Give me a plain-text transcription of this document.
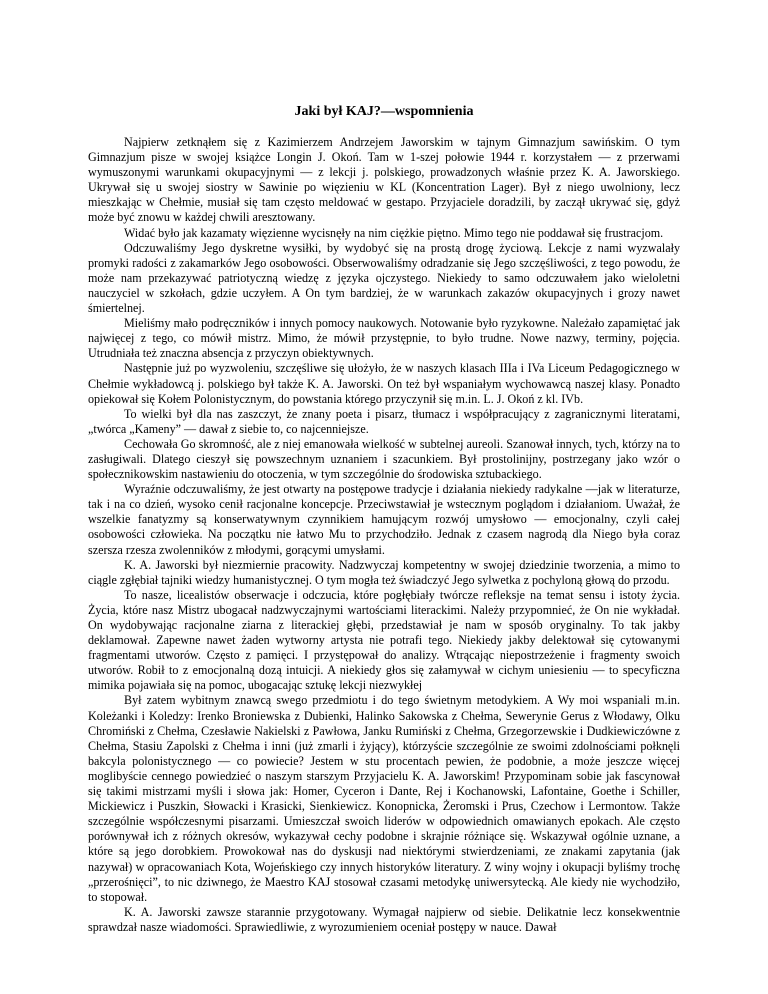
Jaki był KAJ?—wspomnienia

Najpierw zetknąłem się z Kazimierzem Andrzejem Jaworskim w tajnym Gimnazjum sawińskim. O tym Gimnazjum pisze w swojej książce Longin J. Okoń. Tam w 1-szej połowie 1944 r. korzystałem — z przerwami wymuszonymi warunkami okupacyjnymi — z lekcji j. polskiego, prowadzonych właśnie przez K. A. Jaworskiego. Ukrywał się u swojej siostry w Sawinie po więzieniu w KL (Koncentration Lager). Był z niego uwolniony, lecz mieszkając w Chełmie, musiał się tam często meldować w gestapo. Przyjaciele doradzili, by zaczął ukrywać się, gdyż może być znowu w każdej chwili aresztowany.

Widać było jak kazamaty więzienne wycisnęły na nim ciężkie piętno. Mimo tego nie poddawał się frustracjom.

Odczuwaliśmy Jego dyskretne wysiłki, by wydobyć się na prostą drogę życiową. Lekcje z nami wyzwalały promyki radości z zakamarków Jego osobowości. Obserwowaliśmy odradzanie się Jego szczęśliwości, z tego powodu, że może nam przekazywać patriotyczną wiedzę z języka ojczystego. Niekiedy to samo odczuwałem jako wieloletni nauczyciel w szkołach, gdzie uczyłem. A On tym bardziej, że w warunkach zakazów okupacyjnych i grozy nawet śmiertelnej.

Mieliśmy mało podręczników i innych pomocy naukowych. Notowanie było ryzykowne. Należało zapamiętać jak najwięcej z tego, co mówił mistrz. Mimo, że mówił przystępnie, to było trudne. Nowe nazwy, terminy, pojęcia. Utrudniała też znaczna absencja z przyczyn obiektywnych.

Następnie już po wyzwoleniu, szczęśliwe się ułożyło, że w naszych klasach IIIa i IVa Liceum Pedagogicznego w Chełmie wykładowcą j. polskiego był także K. A. Jaworski. On też był wspaniałym wychowawcą naszej klasy. Ponadto opiekował się Kołem Polonistycznym, do powstania którego przyczynił się m.in. L. J. Okoń z kl. IVb.

To wielki był dla nas zaszczyt, że znany poeta i pisarz, tłumacz i współpracujący z zagranicznymi literatami, „twórca „Kameny” — dawał z siebie to, co najcenniejsze.

Cechowała Go skromność, ale z niej emanowała wielkość w subtelnej aureoli. Szanował innych, tych, którzy na to zasługiwali. Dlatego cieszył się powszechnym uznaniem i szacunkiem. Był prostolinijny, postrzegany jako wzór o społecznikowskim nastawieniu do otoczenia, w tym szczególnie do środowiska sztubackiego.

Wyraźnie odczuwaliśmy, że jest otwarty na postępowe tradycje i działania niekiedy radykalne —jak w literaturze, tak i na co dzień, wysoko cenił racjonalne koncepcje. Przeciwstawiał je wstecznym poglądom i działaniom. Uważał, że wszelkie fanatyzmy są konserwatywnym czynnikiem hamującym rozwój umysłowo — emocjonalny, czyli całej osobowości człowieka. Na początku nie łatwo Mu to przychodziło. Jednak z czasem nagrodą dla Niego była coraz szersza rzesza zwolenników z młodymi, gorącymi umysłami.

K. A. Jaworski był niezmiernie pracowity. Nadzwyczaj kompetentny w swojej dziedzinie tworzenia, a mimo to ciągle zgłębiał tajniki wiedzy humanistycznej. O tym mogła też świadczyć Jego sylwetka z pochyloną głową do przodu.

To nasze, licealistów obserwacje i odczucia, które pogłębiały twórcze refleksje na temat sensu i istoty życia. Życia, które nasz Mistrz ubogacał nadzwyczajnymi wartościami literackimi. Należy przypomnieć, że On nie wykładał. On wydobywając racjonalne ziarna z literackiej głębi, przedstawiał je nam w sposób oryginalny. To tak jakby deklamował. Zapewne nawet żaden wytworny artysta nie potrafi tego. Niekiedy jakby delektował się cytowanymi fragmentami utworów. Często z pamięci. I przystępował do analizy. Wtrącając niepostrzeżenie i fragmenty swoich utworów. Robił to z emocjonalną dozą intuicji. A niekiedy głos się załamywał w cichym uniesieniu — to specyficzna mimika pojawiała się na pomoc, ubogacając sztukę lekcji niezwykłej

Był zatem wybitnym znawcą swego przedmiotu i do tego świetnym metodykiem. A Wy moi wspaniali m.in. Koleżanki i Koledzy: Irenko Broniewska z Dubienki, Halinko Sakowska z Chełma, Sewerynie Gerus z Włodawy, Olku Chromiński z Chełma, Czesławie Nakielski z Pawłowa, Janku Rumiński z Chełma, Grzegorzewskie i Dudkiewiczówne z Chełma, Stasiu Zapolski z Chełma i inni (już zmarli i żyjący), którzyście szczególnie ze swoimi zdolnościami połknęli bakcyla polonistycznego — co powiecie? Jestem w stu procentach pewien, że podobnie, a może jeszcze więcej moglibyście cennego powiedzieć o naszym starszym Przyjacielu K. A. Jaworskim! Przypominam sobie jak fascynował się takimi mistrzami myśli i słowa jak: Homer, Cyceron i Dante, Rej i Kochanowski, Lafontaine, Goethe i Schiller, Mickiewicz i Puszkin, Słowacki i Krasicki, Sienkiewicz. Konopnicka, Żeromski i Prus, Czechow i Lermontow. Także szczególnie współczesnymi pisarzami. Umieszczał swoich liderów w odpowiednich omawianych epokach. Ale często porównywał ich z różnych okresów, wykazywał cechy podobne i skrajnie różniące się. Wskazywał ogólnie uznane, a które są jego dorobkiem. Prowokował nas do dyskusji nad niektórymi stwierdzeniami, ze znakami zapytania (jak nazywał) w opracowaniach Kota, Wojeńskiego czy innych historyków literatury. Z winy wojny i okupacji byliśmy trochę „przerośnięci”, to nic dziwnego, że Maestro KAJ stosował czasami metodykę uniwersytecką. Ale kiedy nie wychodziło, to stopował.

K. A. Jaworski zawsze starannie przygotowany. Wymagał najpierw od siebie. Delikatnie lecz konsekwentnie sprawdzał nasze wiadomości. Sprawiedliwie, z wyrozumieniem oceniał postępy w nauce. Dawał
